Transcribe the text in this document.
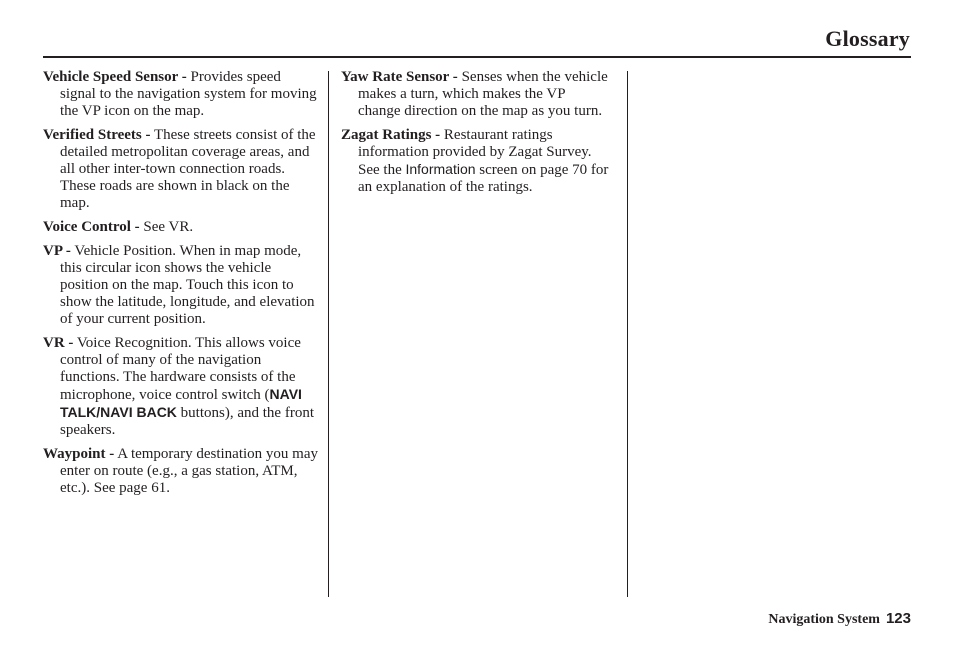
Glossary

Vehicle Speed Sensor - Provides speed signal to the navigation system for moving the VP icon on the map.

Verified Streets - These streets consist of the detailed metropolitan coverage areas, and all other inter-town connection roads. These roads are shown in black on the map.

Voice Control - See VR.

VP - Vehicle Position. When in map mode, this circular icon shows the vehicle position on the map. Touch this icon to show the latitude, longitude, and elevation of your current position.

VR - Voice Recognition. This allows voice control of many of the navigation functions. The hardware consists of the microphone, voice control switch (NAVI TALK/NAVI BACK buttons), and the front speakers.

Waypoint - A temporary destination you may enter on route (e.g., a gas station, ATM, etc.). See page 61.

Yaw Rate Sensor - Senses when the vehicle makes a turn, which makes the VP change direction on the map as you turn.

Zagat Ratings - Restaurant ratings information provided by Zagat Survey. See the Information screen on page 70 for an explanation of the ratings.

Navigation System 123
